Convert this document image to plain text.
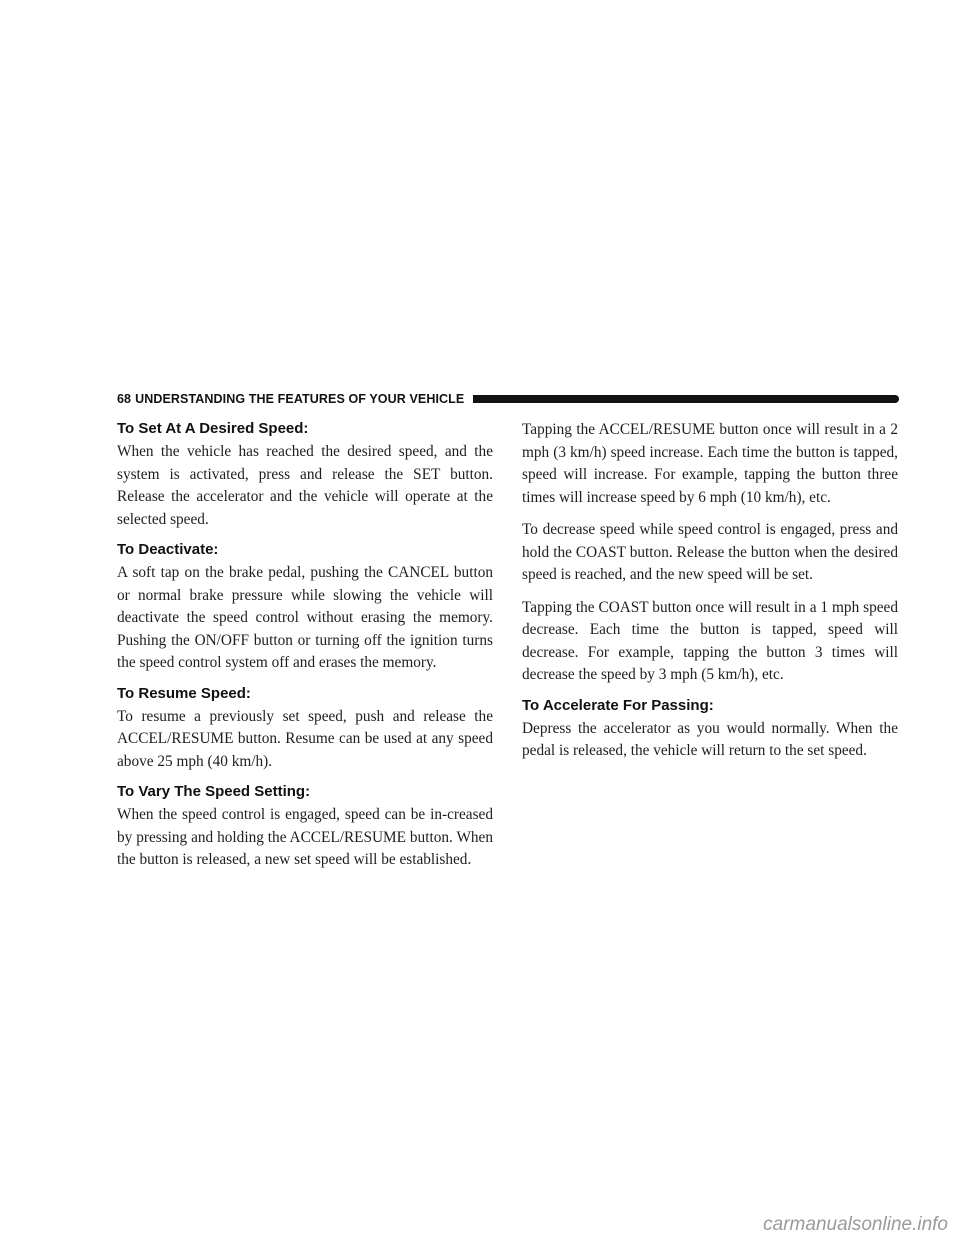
68 UNDERSTANDING THE FEATURES OF YOUR VEHICLE
To Set At A Desired Speed:

When the vehicle has reached the desired speed, and the system is activated, press and release the SET button. Release the accelerator and the vehicle will operate at the selected speed.

To Deactivate:

A soft tap on the brake pedal, pushing the CANCEL button or normal brake pressure while slowing the vehicle will deactivate the speed control without erasing the memory. Pushing the ON/OFF button or turning off the ignition turns the speed control system off and erases the memory.

To Resume Speed:

To resume a previously set speed, push and release the ACCEL/RESUME button. Resume can be used at any speed above 25 mph (40 km/h).

To Vary The Speed Setting:

When the speed control is engaged, speed can be in-creased by pressing and holding the ACCEL/RESUME button. When the button is released, a new set speed will be established.

Tapping the ACCEL/RESUME button once will result in a 2 mph (3 km/h) speed increase. Each time the button is tapped, speed will increase. For example, tapping the button three times will increase speed by 6 mph (10 km/h), etc.

To decrease speed while speed control is engaged, press and hold the COAST button. Release the button when the desired speed is reached, and the new speed will be set.

Tapping the COAST button once will result in a 1 mph speed decrease. Each time the button is tapped, speed will decrease. For example, tapping the button 3 times will decrease the speed by 3 mph (5 km/h), etc.

To Accelerate For Passing:

Depress the accelerator as you would normally. When the pedal is released, the vehicle will return to the set speed.

carmanualsonline.info
